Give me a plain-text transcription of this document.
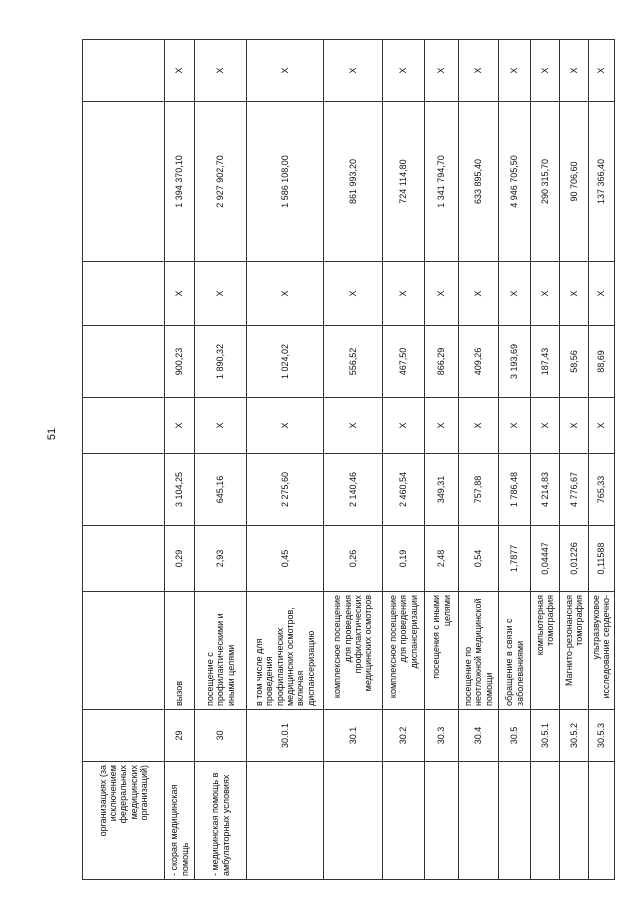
51
организациях (за исключением федеральных медицинских организаций)									
- скорая медицинская помощь	29	вызов	0,29	3 104,25	X	900,23	X	1 394 370,10	X
- медицинская помощь в амбулаторных условиях	30	посещение с профилактическими и иными целями	2,93	645,16	X	1 890,32	X	2 927 902,70	X
	30.0.1	в том числе для проведения профилактических медицинских осмотров, включая диспансеризацию	0,45	2 275,60	X	1 024,02	X	1 586 108,00	X
	30.1	комплексное посещение для проведения профилактических медицинских осмотров	0,26	2 140,46	X	556,52	X	861 993,20	X
	30.2	комплексное посещение для проведения диспансеризации	0,19	2 460,54	X	467,50	X	724 114,80	X
	30.3	посещения с иными целями	2,48	349,31	X	866,29	X	1 341 794,70	X
	30.4	посещение по неотложной медицинской помощи	0,54	757,88	X	409,26	X	633 895,40	X
	30.5	обращение в связи с заболеваниями	1,7877	1 786,48	X	3 193,69	X	4 946 705,50	X
	30.5.1	компьютерная томография	0,04447	4 214,83	X	187,43	X	290 315,70	X
	30.5.2	Магнито-резонансная томография	0,01226	4 776,67	X	58,56	X	90 706,60	X
	30.5.3	ультразвуковое исследование сердечно-	0,11588	765,33	X	88,69	X	137 366,40	X
